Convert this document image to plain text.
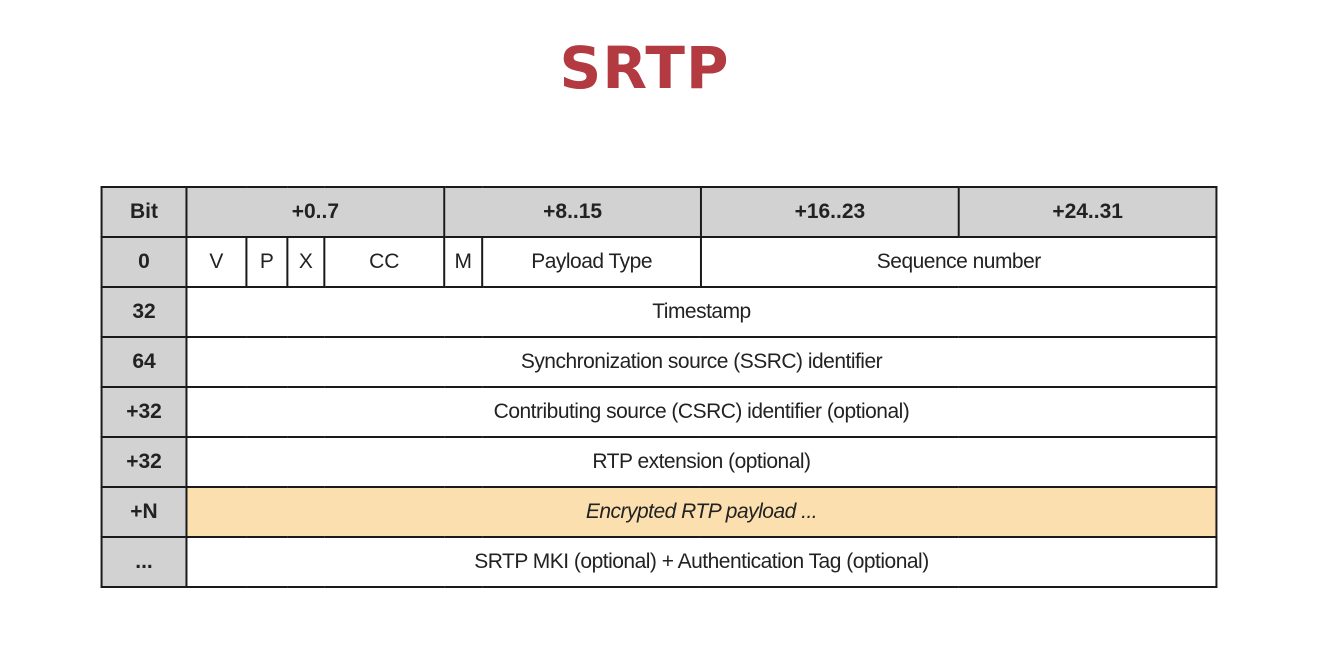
SRTP
Bit	+0..7				+8..15		+16..23	+24..31
0	V	P	X	CC	M	Payload Type	Sequence number	
32	Timestamp							
64	Synchronization source (SSRC) identifier							
+32	Contributing source (CSRC) identifier (optional)							
+32	RTP extension (optional)							
+N	Encrypted RTP payload ...							
...	SRTP MKI (optional) + Authentication Tag (optional)							
